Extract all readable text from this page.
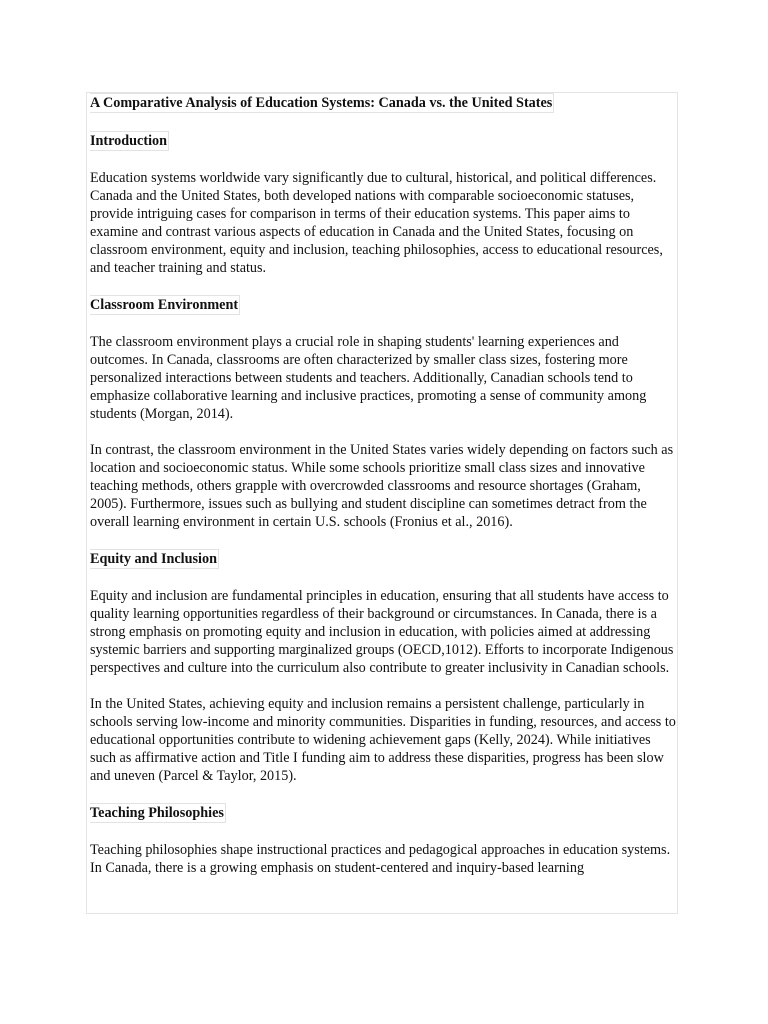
A Comparative Analysis of Education Systems: Canada vs. the United States
Introduction

Education systems worldwide vary significantly due to cultural, historical, and political differences. Canada and the United States, both developed nations with comparable socioeconomic statuses, provide intriguing cases for comparison in terms of their education systems. This paper aims to examine and contrast various aspects of education in Canada and the United States, focusing on classroom environment, equity and inclusion, teaching philosophies, access to educational resources, and teacher training and status.

Classroom Environment

The classroom environment plays a crucial role in shaping students' learning experiences and outcomes. In Canada, classrooms are often characterized by smaller class sizes, fostering more personalized interactions between students and teachers. Additionally, Canadian schools tend to emphasize collaborative learning and inclusive practices, promoting a sense of community among students (Morgan, 2014).

In contrast, the classroom environment in the United States varies widely depending on factors such as location and socioeconomic status. While some schools prioritize small class sizes and innovative teaching methods, others grapple with overcrowded classrooms and resource shortages (Graham, 2005). Furthermore, issues such as bullying and student discipline can sometimes detract from the overall learning environment in certain U.S. schools (Fronius et al., 2016).

Equity and Inclusion

Equity and inclusion are fundamental principles in education, ensuring that all students have access to quality learning opportunities regardless of their background or circumstances. In Canada, there is a strong emphasis on promoting equity and inclusion in education, with policies aimed at addressing systemic barriers and supporting marginalized groups (OECD,1012). Efforts to incorporate Indigenous perspectives and culture into the curriculum also contribute to greater inclusivity in Canadian schools.

In the United States, achieving equity and inclusion remains a persistent challenge, particularly in schools serving low-income and minority communities. Disparities in funding, resources, and access to educational opportunities contribute to widening achievement gaps (Kelly, 2024). While initiatives such as affirmative action and Title I funding aim to address these disparities, progress has been slow and uneven (Parcel & Taylor, 2015).

Teaching Philosophies

Teaching philosophies shape instructional practices and pedagogical approaches in education systems. In Canada, there is a growing emphasis on student-centered and inquiry-based learning
